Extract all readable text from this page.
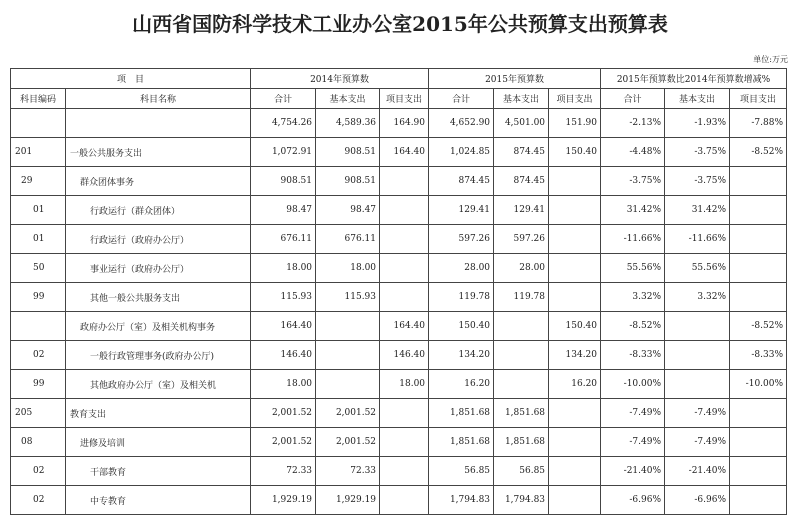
山西省国防科学技术工业办公室2015年公共预算支出预算表
单位:万元
项　目		2014年预算数			2015年预算数			2015年预算数比2014年预算数增减%		
科目编码	科目名称	合计	基本支出	项目支出	合计	基本支出	项目支出	合计	基本支出	项目支出
		4,754.26	4,589.36	164.90	4,652.90	4,501.00	151.90	-2.13%	-1.93%	-7.88%
201	一般公共服务支出	1,072.91	908.51	164.40	1,024.85	874.45	150.40	-4.48%	-3.75%	-8.52%
29	群众团体事务	908.51	908.51		874.45	874.45		-3.75%	-3.75%	
01	行政运行（群众团体）	98.47	98.47		129.41	129.41		31.42%	31.42%	
01	行政运行（政府办公厅）	676.11	676.11		597.26	597.26		-11.66%	-11.66%	
50	事业运行（政府办公厅）	18.00	18.00		28.00	28.00		55.56%	55.56%	
99	其他一般公共服务支出	115.93	115.93		119.78	119.78		3.32%	3.32%	
	政府办公厅（室）及相关机构事务	164.40		164.40	150.40		150.40	-8.52%		-8.52%
02	一般行政管理事务(政府办公厅)	146.40		146.40	134.20		134.20	-8.33%		-8.33%
99	其他政府办公厅（室）及相关机	18.00		18.00	16.20		16.20	-10.00%		-10.00%
205	教育支出	2,001.52	2,001.52		1,851.68	1,851.68		-7.49%	-7.49%	
08	进修及培训	2,001.52	2,001.52		1,851.68	1,851.68		-7.49%	-7.49%	
02	干部教育	72.33	72.33		56.85	56.85		-21.40%	-21.40%	
02	中专教育	1,929.19	1,929.19		1,794.83	1,794.83		-6.96%	-6.96%	
